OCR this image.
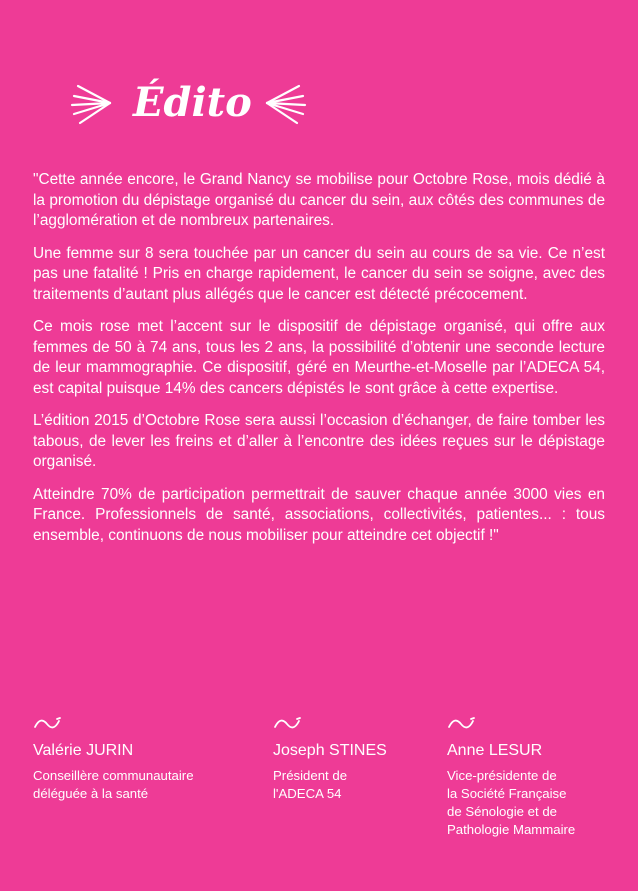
Édito

"Cette année encore, le Grand Nancy se mobilise pour Octobre Rose, mois dédié à la promotion du dépistage organisé du cancer du sein, aux côtés des communes de l’agglomération et de nombreux partenaires.

Une femme sur 8 sera touchée par un cancer du sein au cours de sa vie. Ce n’est pas une fatalité ! Pris en charge rapidement, le cancer du sein se soigne, avec des traitements d’autant plus allégés que le cancer est détecté précocement.

Ce mois rose met l’accent sur le dispositif de dépistage organisé, qui offre aux femmes de 50 à 74 ans, tous les 2 ans, la possibilité d’obtenir une seconde lecture de leur mammographie. Ce dispositif, géré en Meurthe-et-Moselle par l’ADECA 54, est capital puisque 14% des cancers dépistés le sont grâce à cette expertise.

L’édition 2015 d’Octobre Rose sera aussi l’occasion d’échanger, de faire tomber les tabous, de lever les freins et d’aller à l’encontre des idées reçues sur le dépistage organisé.

Atteindre 70% de participation permettrait de sauver chaque année 3000 vies en France. Professionnels de santé, associations, collectivités, patientes... : tous ensemble, continuons de nous mobiliser pour atteindre cet objectif !"

Valérie JURIN
Conseillère communautaire
déléguée à la santé
Joseph STINES
Président de
l'ADECA 54
Anne LESUR
Vice-présidente de
la Société Française
de Sénologie et de
Pathologie Mammaire
